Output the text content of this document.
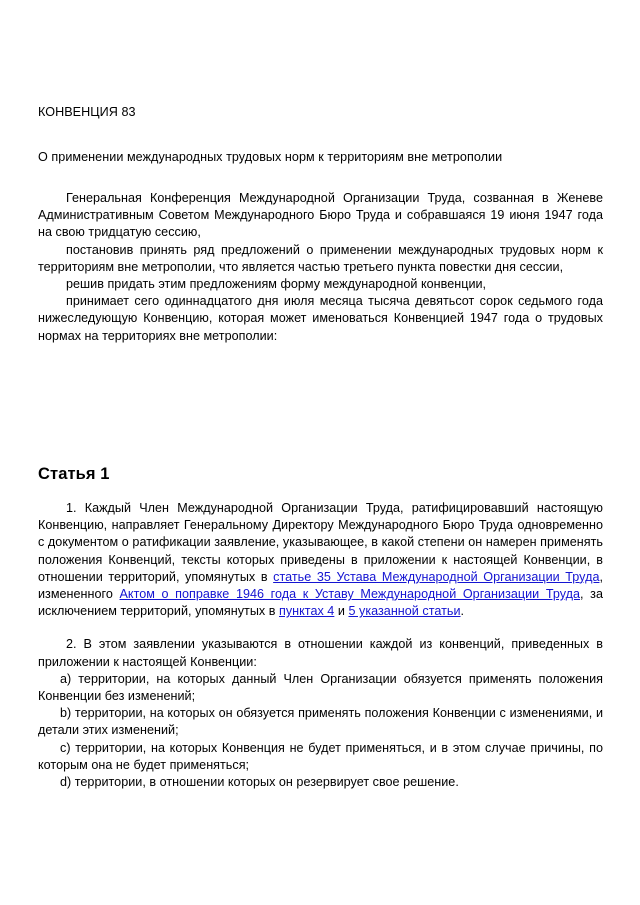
КОНВЕНЦИЯ 83

О применении международных трудовых норм к территориям вне метрополии

Генеральная Конференция Международной Организации Труда, созванная в Женеве Административным Советом Международного Бюро Труда и собравшаяся 19 июня 1947 года на свою тридцатую сессию,

постановив принять ряд предложений о применении международных трудовых норм к территориям вне метрополии, что является частью третьего пункта повестки дня сессии,

решив придать этим предложениям форму международной конвенции,

принимает сего одиннадцатого дня июля месяца тысяча девятьсот сорок седьмого года нижеследующую Конвенцию, которая может именоваться Конвенцией 1947 года о трудовых нормах на территориях вне метрополии:

Статья 1

1. Каждый Член Международной Организации Труда, ратифицировавший настоящую Конвенцию, направляет Генеральному Директору Международного Бюро Труда одновременно с документом о ратификации заявление, указывающее, в какой степени он намерен применять положения Конвенций, тексты которых приведены в приложении к настоящей Конвенции, в отношении территорий, упомянутых в статье 35 Устава Международной Организации Труда, измененного Актом о поправке 1946 года к Уставу Международной Организации Труда, за исключением территорий, упомянутых в пунктах 4 и 5 указанной статьи.

2. В этом заявлении указываются в отношении каждой из конвенций, приведенных в приложении к настоящей Конвенции:

a) территории, на которых данный Член Организации обязуется применять положения Конвенции без изменений;

b) территории, на которых он обязуется применять положения Конвенции с изменениями, и детали этих изменений;

c) территории, на которых Конвенция не будет применяться, и в этом случае причины, по которым она не будет применяться;

d) территории, в отношении которых он резервирует свое решение.
